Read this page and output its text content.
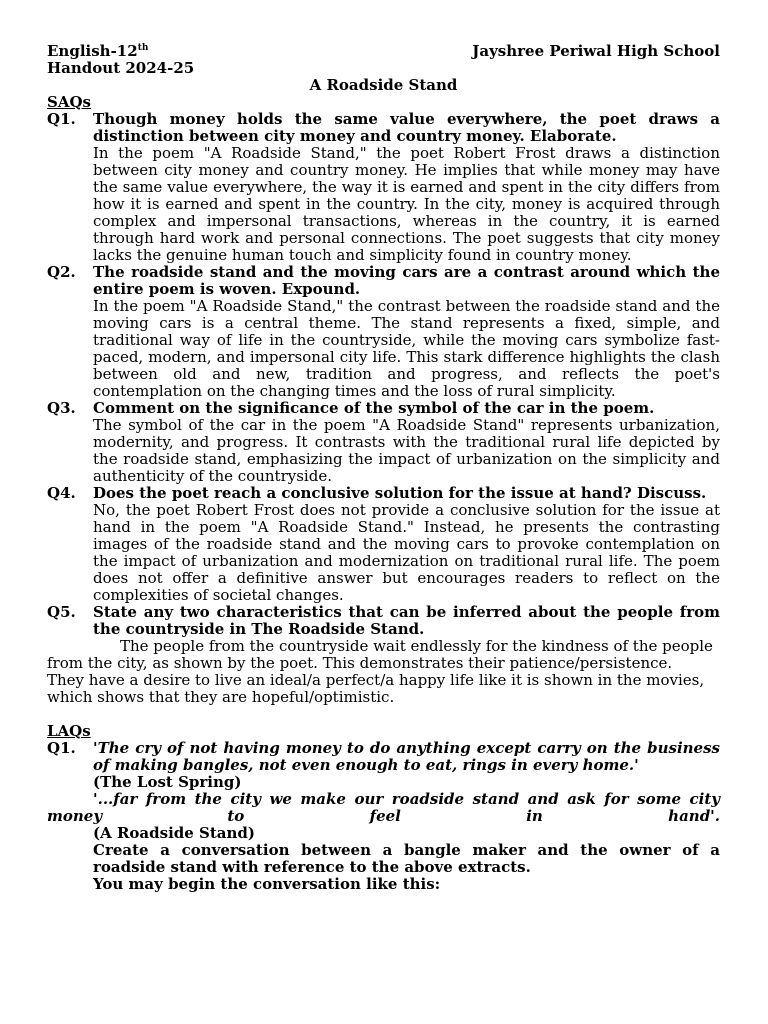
English-12th	Jayshree Periwal High School
Handout 2024-25
A Roadside Stand
SAQs
Q1.	Though money holds the same value everywhere, the poet draws a distinction between city money and country money. Elaborate.
In the poem "A Roadside Stand," the poet Robert Frost draws a distinction between city money and country money. He implies that while money may have the same value everywhere, the way it is earned and spent in the city differs from how it is earned and spent in the country. In the city, money is acquired through complex and impersonal transactions, whereas in the country, it is earned through hard work and personal connections. The poet suggests that city money lacks the genuine human touch and simplicity found in country money.
Q2.	The roadside stand and the moving cars are a contrast around which the entire poem is woven. Expound.
In the poem "A Roadside Stand," the contrast between the roadside stand and the moving cars is a central theme. The stand represents a fixed, simple, and traditional way of life in the countryside, while the moving cars symbolize fast-paced, modern, and impersonal city life. This stark difference highlights the clash between old and new, tradition and progress, and reflects the poet's contemplation on the changing times and the loss of rural simplicity.
Q3.	Comment on the significance of the symbol of the car in the poem.
The symbol of the car in the poem "A Roadside Stand" represents urbanization, modernity, and progress. It contrasts with the traditional rural life depicted by the roadside stand, emphasizing the impact of urbanization on the simplicity and authenticity of the countryside.
Q4. Does the poet reach a conclusive solution for the issue at hand? Discuss.
No, the poet Robert Frost does not provide a conclusive solution for the issue at hand in the poem "A Roadside Stand." Instead, he presents the contrasting images of the roadside stand and the moving cars to provoke contemplation on the impact of urbanization and modernization on traditional rural life. The poem does not offer a definitive answer but encourages readers to reflect on the complexities of societal changes.
Q5.	State any two characteristics that can be inferred about the people from the countryside in The Roadside Stand.
The people from the countryside wait endlessly for the kindness of the people from the city, as shown by the poet. This demonstrates their patience/persistence.
They have a desire to live an ideal/a perfect/a happy life like it is shown in the movies, which shows that they are hopeful/optimistic.
LAQs
Q1.	'The cry of not having money to do anything except carry on the business of making bangles, not even enough to eat, rings in every home.'
(The Lost Spring)
'...far from the city we make our roadside stand and ask for some city money to feel in hand'.
(A Roadside Stand)
Create a conversation between a bangle maker and the owner of a roadside stand with reference to the above extracts.
You may begin the conversation like this:
